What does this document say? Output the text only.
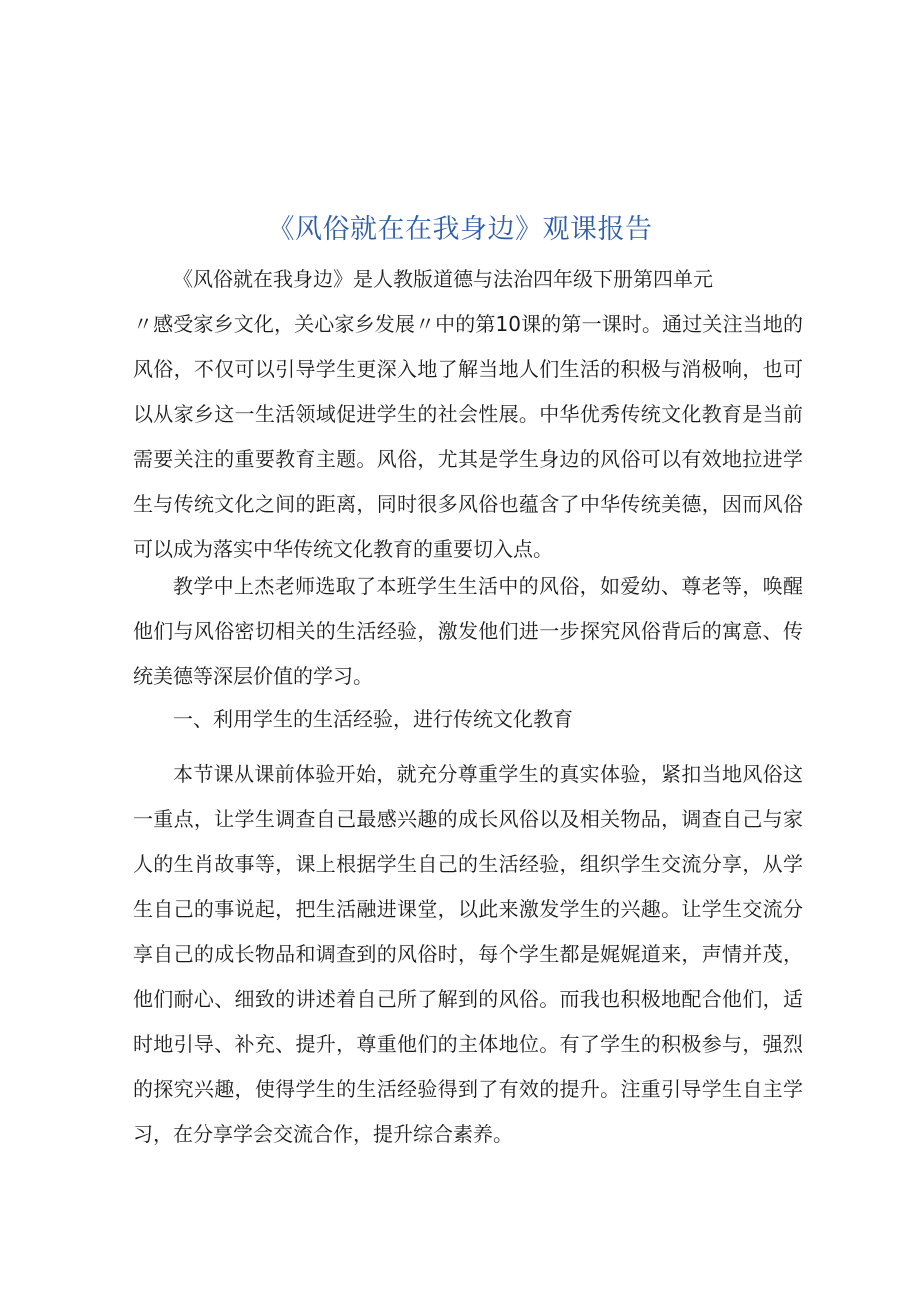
《风俗就在在我身边》观课报告

《风俗就在我身边》是人教版道德与法治四年级下册第四单元
〃感受家乡文化，关心家乡发展〃中的第10课的第一课时。通过关注当地的风俗，不仅可以引导学生更深入地了解当地人们生活的积极与消极响，也可以从家乡这一生活领域促进学生的社会性展。中华优秀传统文化教育是当前需要关注的重要教育主题。风俗，尤其是学生身边的风俗可以有效地拉进学生与传统文化之间的距离，同时很多风俗也蕴含了中华传统美德，因而风俗可以成为落实中华传统文化教育的重要切入点。

教学中上杰老师选取了本班学生生活中的风俗，如爱幼、尊老等，唤醒他们与风俗密切相关的生活经验，激发他们进一步探究风俗背后的寓意、传统美德等深层价值的学习。

一、利用学生的生活经验，进行传统文化教育

本节课从课前体验开始，就充分尊重学生的真实体验，紧扣当地风俗这一重点，让学生调查自己最感兴趣的成长风俗以及相关物品，调查自己与家人的生肖故事等，课上根据学生自己的生活经验，组织学生交流分享，从学生自己的事说起，把生活融进课堂，以此来激发学生的兴趣。让学生交流分享自己的成长物品和调查到的风俗时，每个学生都是娓娓道来，声情并茂，他们耐心、细致的讲述着自己所了解到的风俗。而我也积极地配合他们，适时地引导、补充、提升，尊重他们的主体地位。有了学生的积极参与，强烈的探究兴趣，使得学生的生活经验得到了有效的提升。注重引导学生自主学习，在分享学会交流合作，提升综合素养。
